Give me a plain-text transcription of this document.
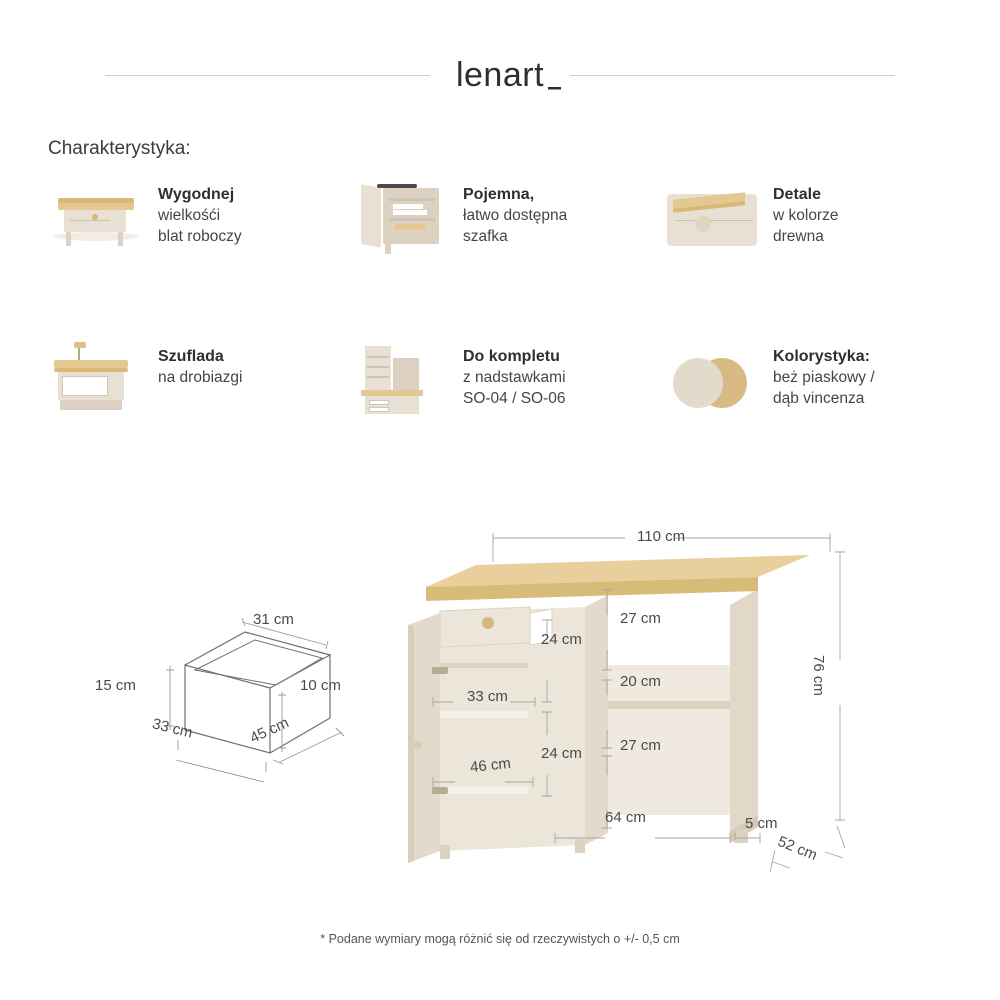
lenart
Charakterystyka:
Wygodnej
wielkośći
blat roboczy
Pojemna,
łatwo dostępna
szafka
Detale
w kolorze
drewna
Szuflada
na drobiazgi
Do kompletu
z nadstawkami
SO-04 / SO-06
Kolorystyka:
beż piaskowy /
dąb vincenza
31 cm
15 cm	10 cm
33 cm	45 cm
110 cm
76 cm
52 cm
64 cm	5 cm
27 cm
20 cm
27 cm
24 cm
24 cm
33 cm
46 cm
* Podane wymiary mogą różnić się od rzeczywistych o +/- 0,5 cm
